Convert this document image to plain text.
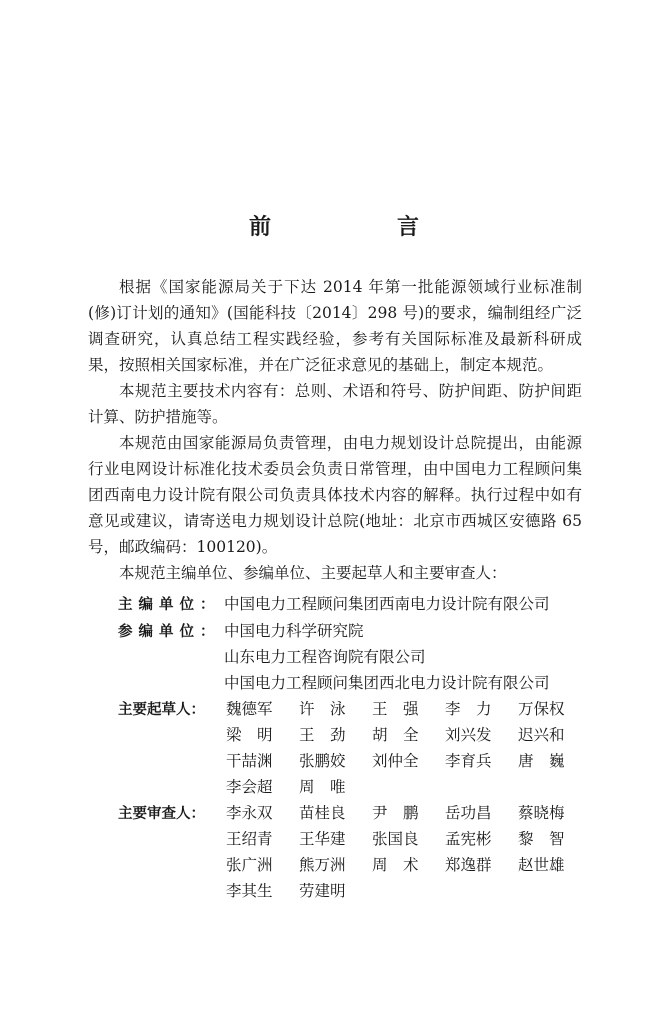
前　言
根据《国家能源局关于下达 2014 年第一批能源领域行业标准制(修)订计划的通知》(国能科技〔2014〕298 号)的要求，编制组经广泛调查研究，认真总结工程实践经验，参考有关国际标准及最新科研成果，按照相关国家标准，并在广泛征求意见的基础上，制定本规范。
本规范主要技术内容有：总则、术语和符号、防护间距、防护间距计算、防护措施等。
本规范由国家能源局负责管理，由电力规划设计总院提出，由能源行业电网设计标准化技术委员会负责日常管理，由中国电力工程顾问集团西南电力设计院有限公司负责具体技术内容的解释。执行过程中如有意见或建议，请寄送电力规划设计总院(地址：北京市西城区安德路 65 号，邮政编码：100120)。
本规范主编单位、参编单位、主要起草人和主要审查人：
主编单位： 中国电力工程顾问集团西南电力设计院有限公司
参编单位： 中国电力科学研究院
山东电力工程咨询院有限公司
中国电力工程顾问集团西北电力设计院有限公司
主要起草人：	魏德军 许　泳 王　强 李　力 万保权
梁　明 王　劲 胡　全 刘兴发 迟兴和
干喆渊 张鹏姣 刘仲全 李育兵 唐　巍
李会超 周　唯
主要审查人：	李永双 苗桂良 尹　鹏 岳功昌 蔡晓梅
王绍青 王华建 张国良 孟宪彬 黎　智
张广洲 熊万洲 周　术 郑逸群 赵世雄
李其生 劳建明
